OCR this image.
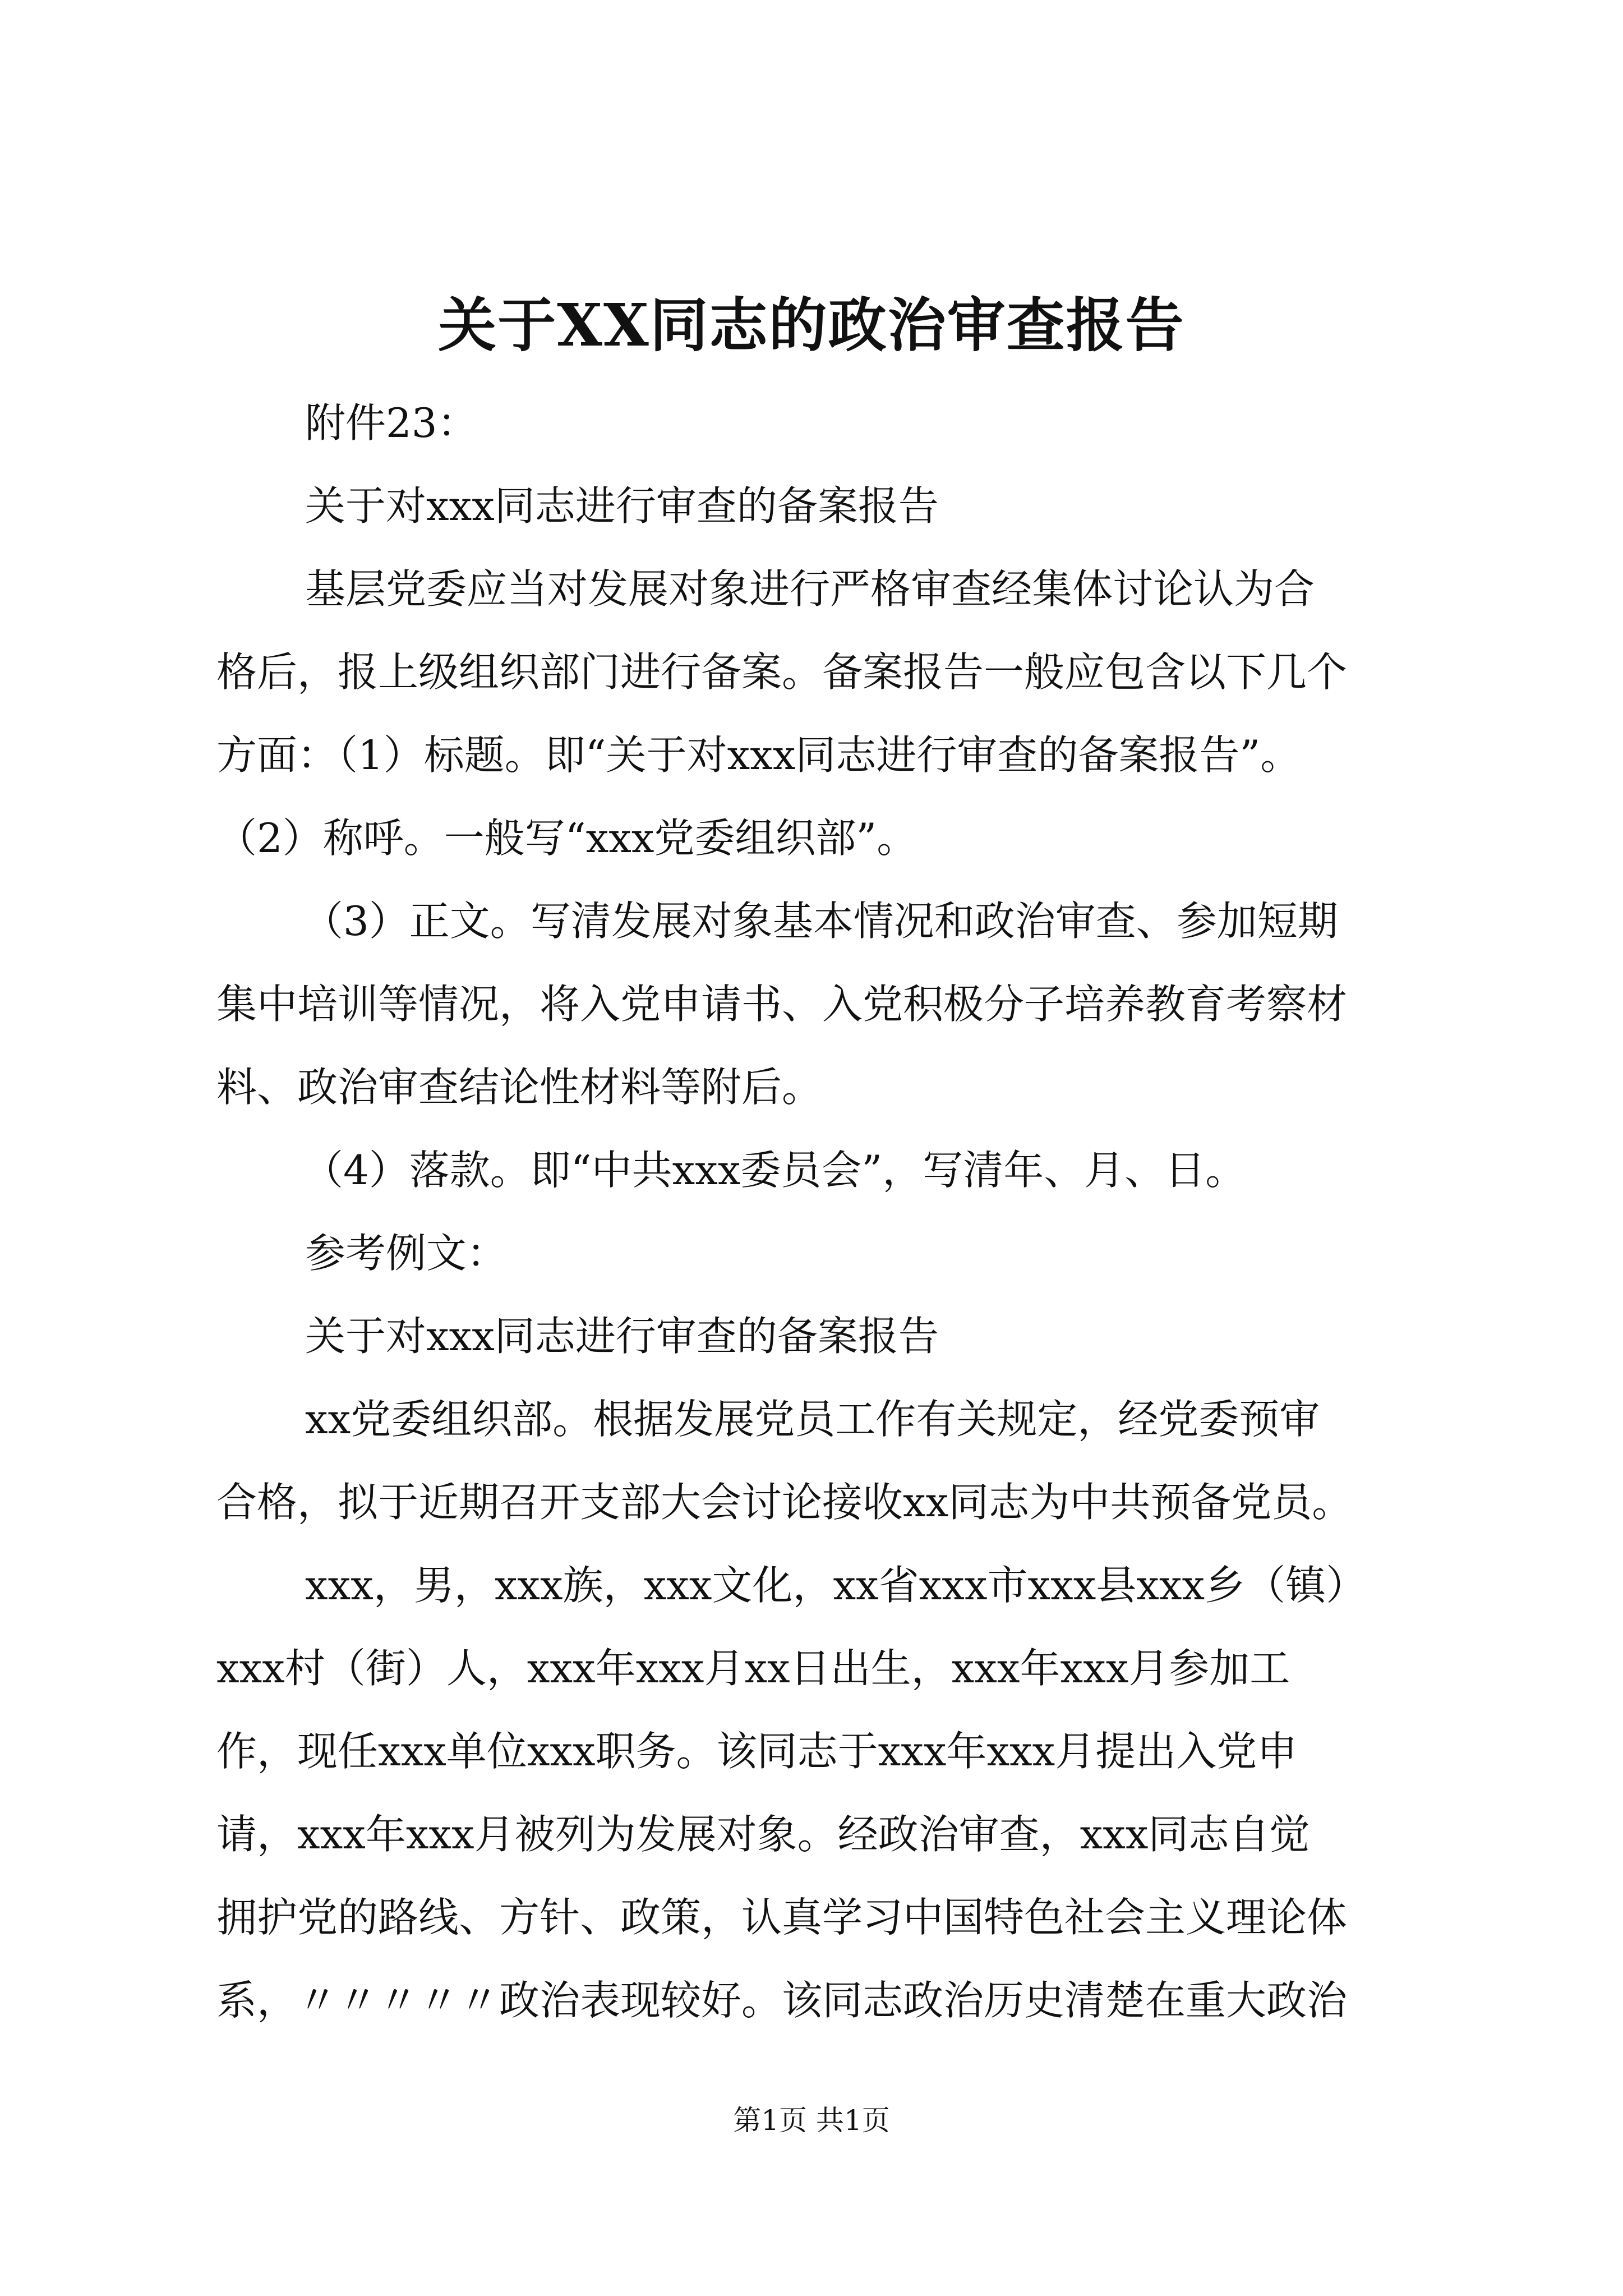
关于XX同志的政治审查报告
附件23：
关于对xxx同志进行审查的备案报告
基层党委应当对发展对象进行严格审查经集体讨论认为合
格后，报上级组织部门进行备案。备案报告一般应包含以下几个
方面：（1）标题。即“关于对xxx同志进行审查的备案报告”。
（2）称呼。一般写“xxx党委组织部”。
（3）正文。写清发展对象基本情况和政治审查、参加短期
集中培训等情况，将入党申请书、入党积极分子培养教育考察材
料、政治审查结论性材料等附后。
（4）落款。即“中共xxx委员会”，写清年、月、日。
参考例文：
关于对xxx同志进行审查的备案报告
xx党委组织部。根据发展党员工作有关规定，经党委预审
合格，拟于近期召开支部大会讨论接收xx同志为中共预备党员。
xxx，男，xxx族，xxx文化，xx省xxx市xxx县xxx乡（镇）
xxx村（街）人，xxx年xxx月xx日出生，xxx年xxx月参加工
作，现任xxx单位xxx职务。该同志于xxx年xxx月提出入党申
请，xxx年xxx月被列为发展对象。经政治审查，xxx同志自觉
拥护党的路线、方针、政策，认真学习中国特色社会主义理论体
系，〃〃〃〃〃政治表现较好。该同志政治历史清楚在重大政治
第1页 共1页
